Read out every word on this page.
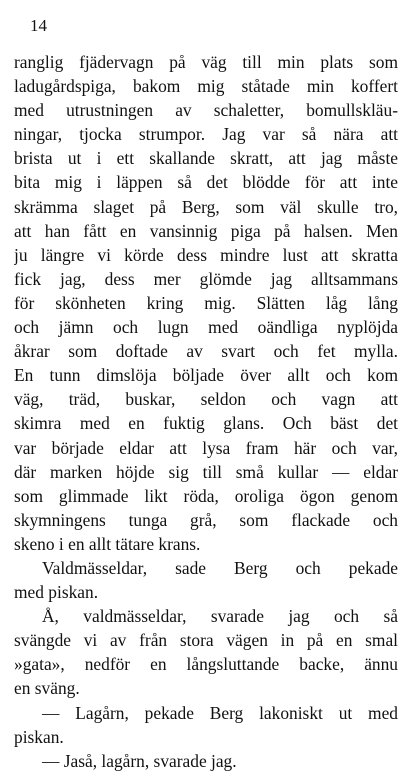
14
ranglig fjädervagn på väg till min plats som
ladugårdspiga, bakom mig ståtade min koffert
med utrustningen av schaletter, bomullskläu-
ningar, tjocka strumpor. Jag var så nära att
brista ut i ett skallande skratt, att jag måste
bita mig i läppen så det blödde för att inte
skrämma slaget på Berg, som väl skulle tro,
att han fått en vansinnig piga på halsen. Men
ju längre vi körde dess mindre lust att skratta
fick jag, dess mer glömde jag alltsammans
för skönheten kring mig. Slätten låg lång
och jämn och lugn med oändliga nyplöjda
åkrar som doftade av svart och fet mylla.
En tunn dimslöja böljade över allt och kom
väg, träd, buskar, seldon och vagn att
skimra med en fuktig glans. Och bäst det
var började eldar att lysa fram här och var,
där marken höjde sig till små kullar — eldar
som glimmade likt röda, oroliga ögon genom
skymningens tunga grå, som flackade och
skeno i en allt tätare krans.
Valdmässeldar, sade Berg och pekade
med piskan.
Å, valdmässeldar, svarade jag och så
svängde vi av från stora vägen in på en smal
»gata», nedför en långsluttande backe, ännu
en sväng.
— Lagårn, pekade Berg lakoniskt ut med
piskan.
— Jaså, lagårn, svarade jag.
